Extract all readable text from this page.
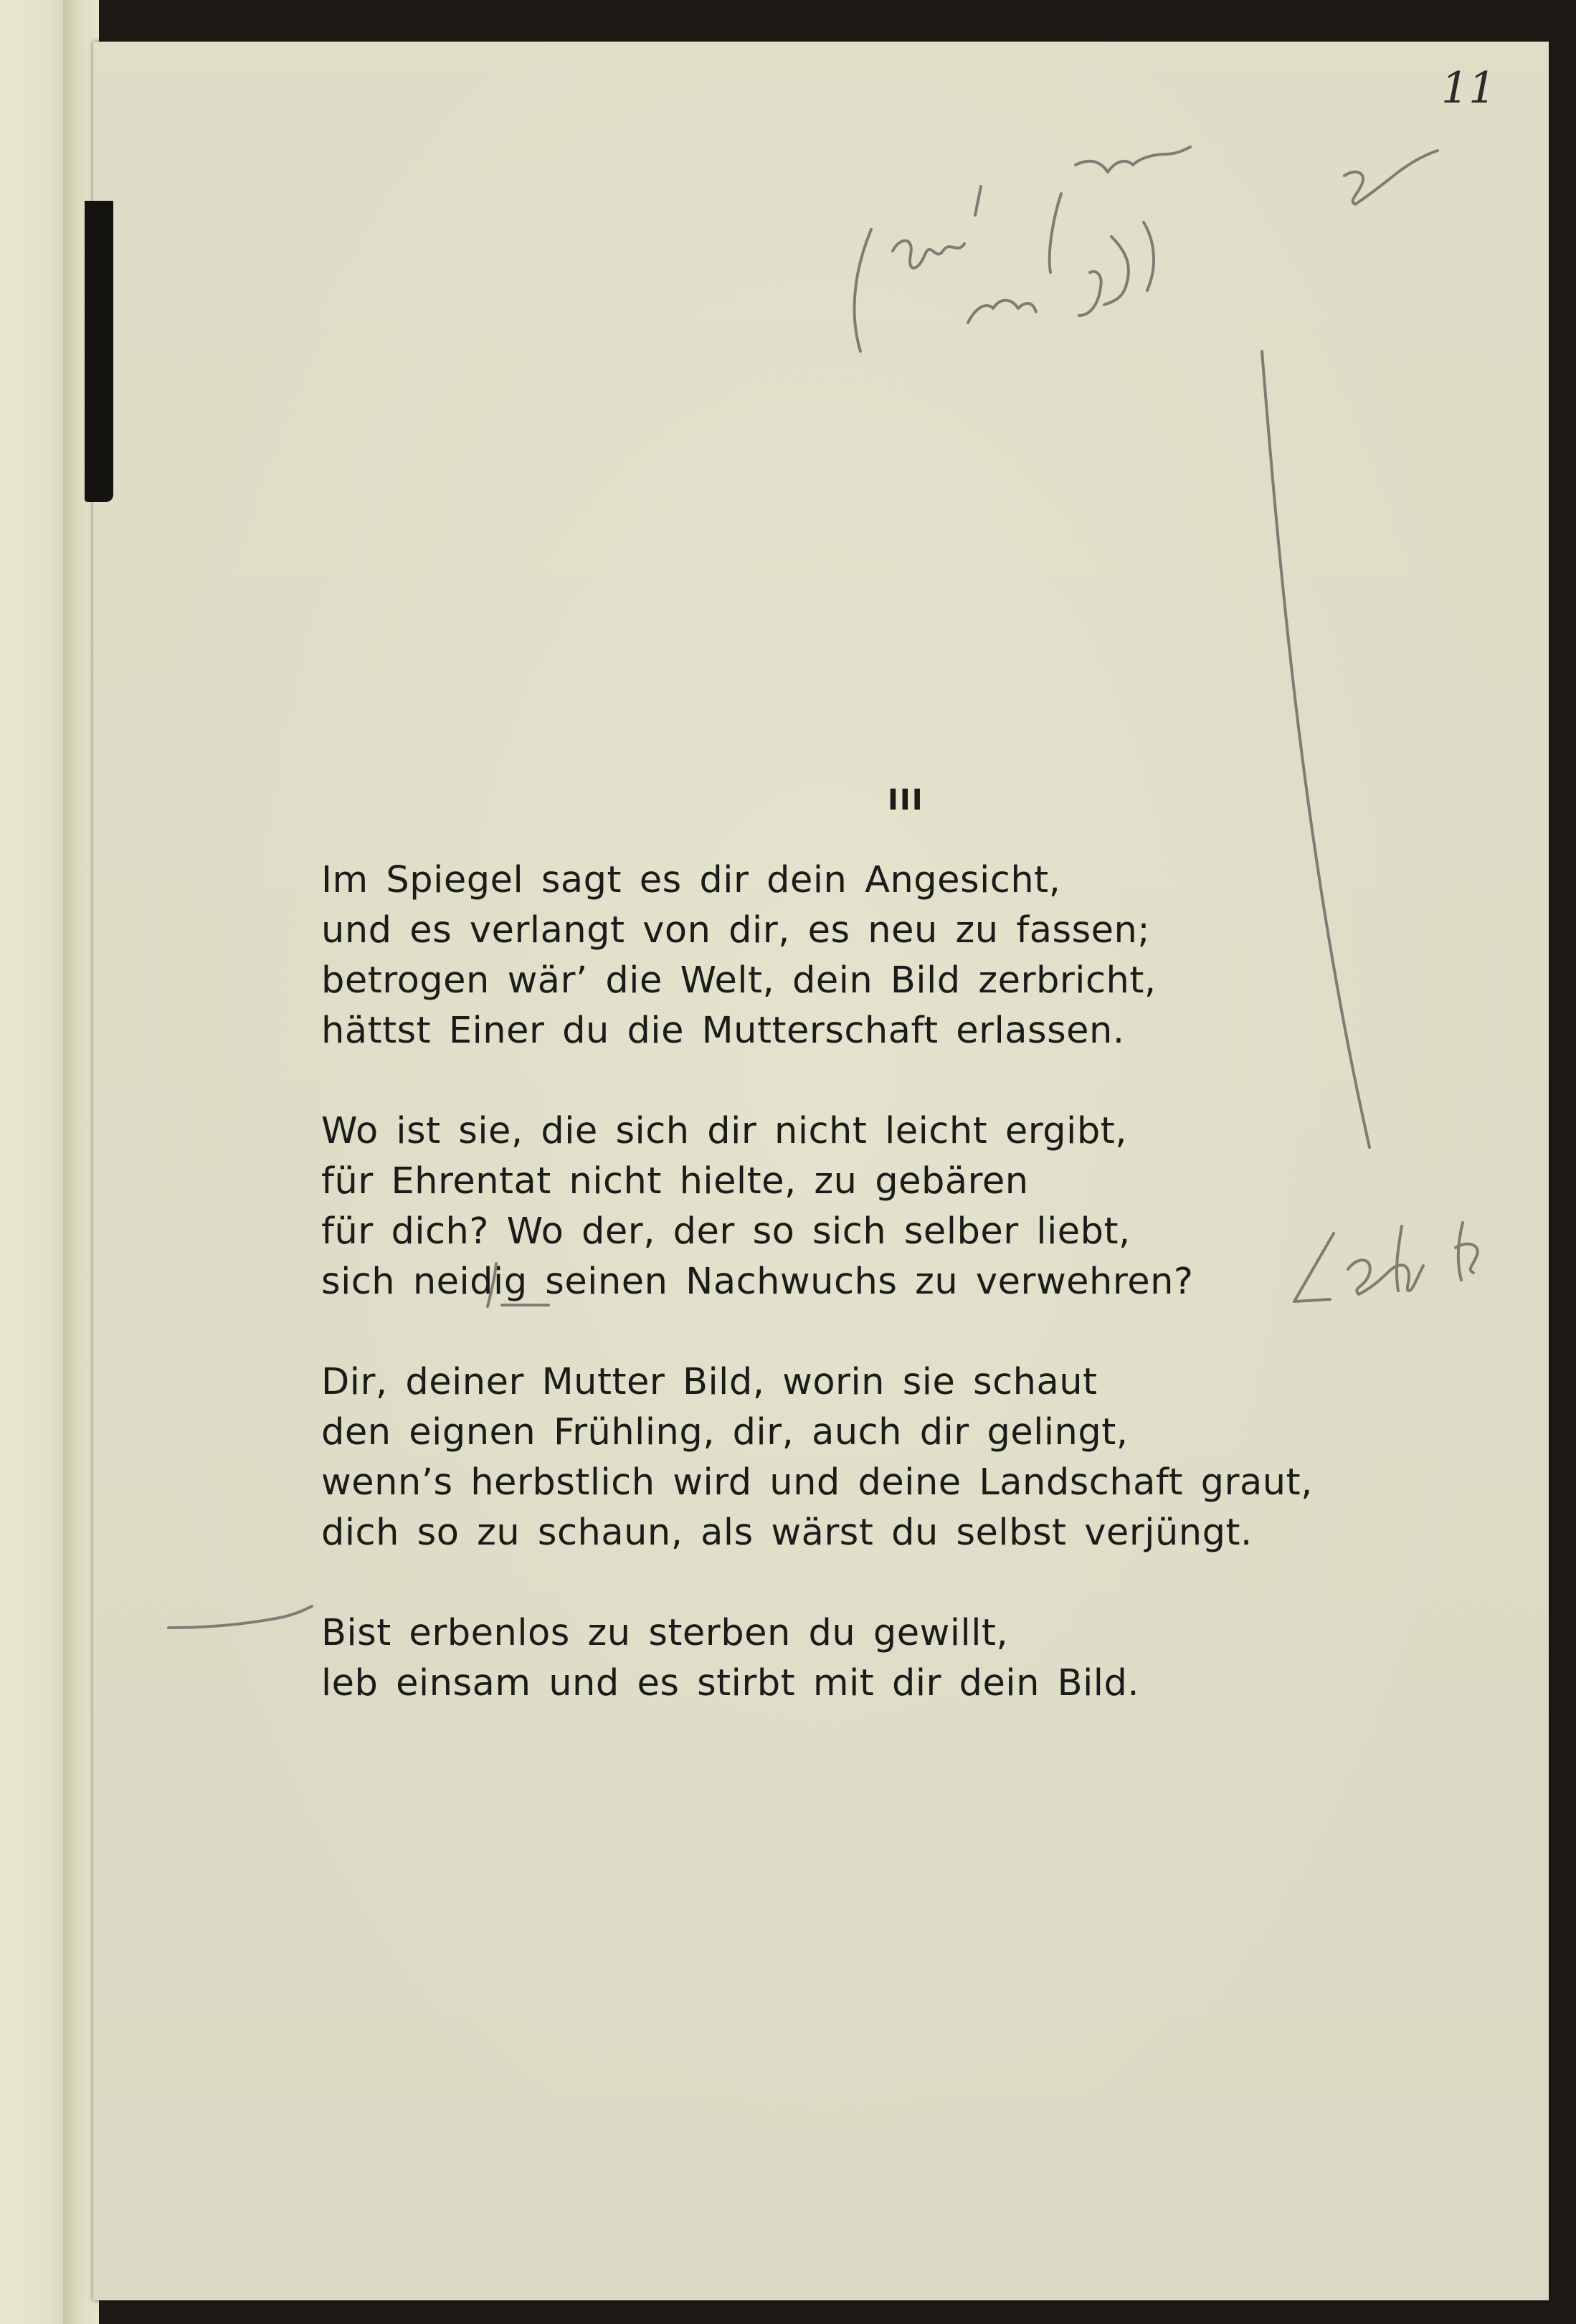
III
Im Spiegel sagt es dir dein Angesicht,
und es verlangt von dir, es neu zu fassen;
betrogen wär’ die Welt, dein Bild zerbricht,
hättst Einer du die Mutterschaft erlassen.
Wo ist sie, die sich dir nicht leicht ergibt,
für Ehrentat nicht hielte, zu gebären
für dich? Wo der, der so sich selber liebt,
sich neidig seinen Nachwuchs zu verwehren?
Dir, deiner Mutter Bild, worin sie schaut
den eignen Frühling, dir, auch dir gelingt,
wenn’s herbstlich wird und deine Landschaft graut,
dich so zu schaun, als wärst du selbst verjüngt.
Bist erbenlos zu sterben du gewillt,
leb einsam und es stirbt mit dir dein Bild.
11
